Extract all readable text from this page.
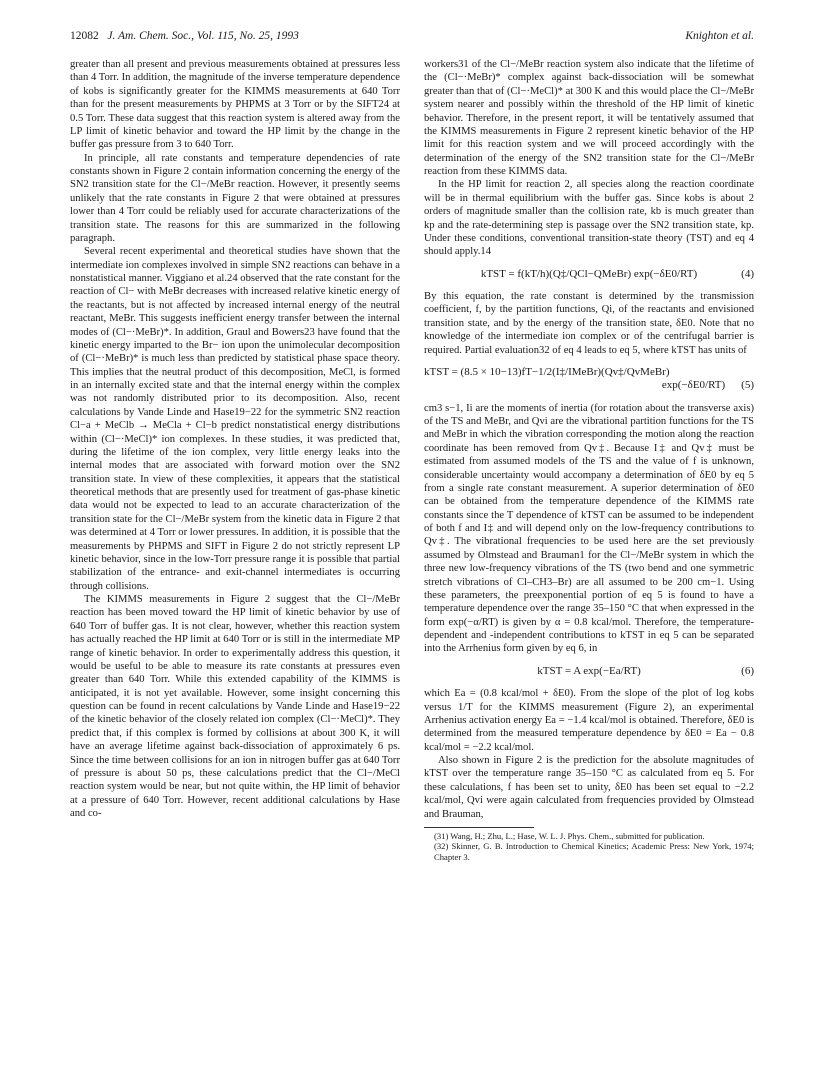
12082 J. Am. Chem. Soc., Vol. 115, No. 25, 1993	Knighton et al.

greater than all present and previous measurements obtained at pressures less than 4 Torr. In addition, the magnitude of the inverse temperature dependence of kobs is significantly greater for the KIMMS measurements at 640 Torr than for the present measurements by PHPMS at 3 Torr or by the SIFT24 at 0.5 Torr. These data suggest that this reaction system is altered away from the LP limit of kinetic behavior and toward the HP limit by the change in the buffer gas pressure from 3 to 640 Torr.

In principle, all rate constants and temperature dependencies of rate constants shown in Figure 2 contain information concerning the energy of the SN2 transition state for the Cl−/MeBr reaction. However, it presently seems unlikely that the rate constants in Figure 2 that were obtained at pressures lower than 4 Torr could be reliably used for accurate characterizations of the transition state. The reasons for this are summarized in the following paragraph.

Several recent experimental and theoretical studies have shown that the intermediate ion complexes involved in simple SN2 reactions can behave in a nonstatistical manner. Viggiano et al.24 observed that the rate constant for the reaction of Cl− with MeBr decreases with increased relative kinetic energy of the reactants, but is not affected by increased internal energy of the neutral reactant, MeBr. This suggests inefficient energy transfer between the internal modes of (Cl−·MeBr)*. In addition, Graul and Bowers23 have found that the kinetic energy imparted to the Br− ion upon the unimolecular decomposition of (Cl−·MeBr)* is much less than predicted by statistical phase space theory. This implies that the neutral product of this decomposition, MeCl, is formed in an internally excited state and that the internal energy within the complex was not randomly distributed prior to its decomposition. Also, recent calculations by Vande Linde and Hase19−22 for the symmetric SN2 reaction Cl−a + MeClb → MeCla + Cl−b predict nonstatistical energy distributions within (Cl−·MeCl)* ion complexes. In these studies, it was predicted that, during the lifetime of the ion complex, very little energy leaks into the internal modes that are associated with forward motion over the SN2 transition state. In view of these complexities, it appears that the statistical theoretical methods that are presently used for treatment of gas-phase kinetic data would not be expected to lead to an accurate characterization of the transition state for the Cl−/MeBr system from the kinetic data in Figure 2 that was determined at 4 Torr or lower pressures. In addition, it is possible that the measurements by PHPMS and SIFT in Figure 2 do not strictly represent LP kinetic behavior, since in the low-Torr pressure range it is possible that partial stabilization of the entrance- and exit-channel intermediates is occurring through collisions.

The KIMMS measurements in Figure 2 suggest that the Cl−/MeBr reaction has been moved toward the HP limit of kinetic behavior by use of 640 Torr of buffer gas. It is not clear, however, whether this reaction system has actually reached the HP limit at 640 Torr or is still in the intermediate MP range of kinetic behavior. In order to experimentally address this question, it would be useful to be able to measure its rate constants at pressures even greater than 640 Torr. While this extended capability of the KIMMS is anticipated, it is not yet available. However, some insight concerning this question can be found in recent calculations by Vande Linde and Hase19−22 of the kinetic behavior of the closely related ion complex (Cl−·MeCl)*. They predict that, if this complex is formed by collisions at about 300 K, it will have an average lifetime against back-dissociation of approximately 6 ps. Since the time between collisions for an ion in nitrogen buffer gas at 640 Torr of pressure is about 50 ps, these calculations predict that the Cl−/MeCl reaction system would be near, but not quite within, the HP limit of behavior at a pressure of 640 Torr. However, recent additional calculations by Hase and co-

workers31 of the Cl−/MeBr reaction system also indicate that the lifetime of the (Cl−·MeBr)* complex against back-dissociation will be somewhat greater than that of (Cl−·MeCl)* at 300 K and this would place the Cl−/MeBr system nearer and possibly within the threshold of the HP limit of kinetic behavior. Therefore, in the present report, it will be tentatively assumed that the KIMMS measurements in Figure 2 represent kinetic behavior of the HP limit for this reaction system and we will proceed accordingly with the determination of the energy of the SN2 transition state for the Cl−/MeBr reaction from these KIMMS data.

In the HP limit for reaction 2, all species along the reaction coordinate will be in thermal equilibrium with the buffer gas. Since kobs is about 2 orders of magnitude smaller than the collision rate, kb is much greater than kp and the rate-determining step is passage over the SN2 transition state, kp. Under these conditions, conventional transition-state theory (TST) and eq 4 should apply.14

kTST = f(kT/h)(Q‡/QCl−QMeBr) exp(−δE0/RT)	(4)

By this equation, the rate constant is determined by the transmission coefficient, f, by the partition functions, Qi, of the reactants and envisioned transition state, and by the energy of the transition state, δE0. Note that no knowledge of the intermediate ion complex or of the centrifugal barrier is required. Partial evaluation32 of eq 4 leads to eq 5, where kTST has units of

kTST = (8.5 × 10−13)fT−1/2(I‡/IMeBr)(Qv‡/QvMeBr)
exp(−δE0/RT) (5)

cm3 s−1, Ii are the moments of inertia (for rotation about the transverse axis) of the TS and MeBr, and Qvi are the vibrational partition functions for the TS and MeBr in which the vibration corresponding the motion along the reaction coordinate has been removed from Qv‡. Because I‡ and Qv‡ must be estimated from assumed models of the TS and the value of f is unknown, considerable uncertainty would accompany a determination of δE0 by eq 5 from a single rate constant measurement. A superior determination of δE0 can be obtained from the temperature dependence of the KIMMS rate constants since the T dependence of kTST can be assumed to be independent of both f and I‡ and will depend only on the low-frequency contributions to Qv‡. The vibrational frequencies to be used here are the set previously assumed by Olmstead and Brauman1 for the Cl−/MeBr system in which the three new low-frequency vibrations of the TS (two bend and one symmetric stretch vibrations of Cl–CH3–Br) are all assumed to be 200 cm−1. Using these parameters, the preexponential portion of eq 5 is found to have a temperature dependence over the range 35–150 °C that when expressed in the form exp(−α/RT) is given by α = 0.8 kcal/mol. Therefore, the temperature-dependent and -independent contributions to kTST in eq 5 can be separated into the Arrhenius form given by eq 6, in

kTST = A exp(−Ea/RT)	(6)

which Ea = (0.8 kcal/mol + δE0). From the slope of the plot of log kobs versus 1/T for the KIMMS measurement (Figure 2), an experimental Arrhenius activation energy Ea = −1.4 kcal/mol is obtained. Therefore, δE0 is determined from the measured temperature dependence by δE0 = Ea − 0.8 kcal/mol = −2.2 kcal/mol.

Also shown in Figure 2 is the prediction for the absolute magnitudes of kTST over the temperature range 35–150 °C as calculated from eq 5. For these calculations, f has been set to unity, δE0 has been set equal to −2.2 kcal/mol, Qvi were again calculated from frequencies provided by Olmstead and Brauman,

(31) Wang, H.; Zhu, L.; Hase, W. L. J. Phys. Chem., submitted for publication.

(32) Skinner, G. B. Introduction to Chemical Kinetics; Academic Press: New York, 1974; Chapter 3.
